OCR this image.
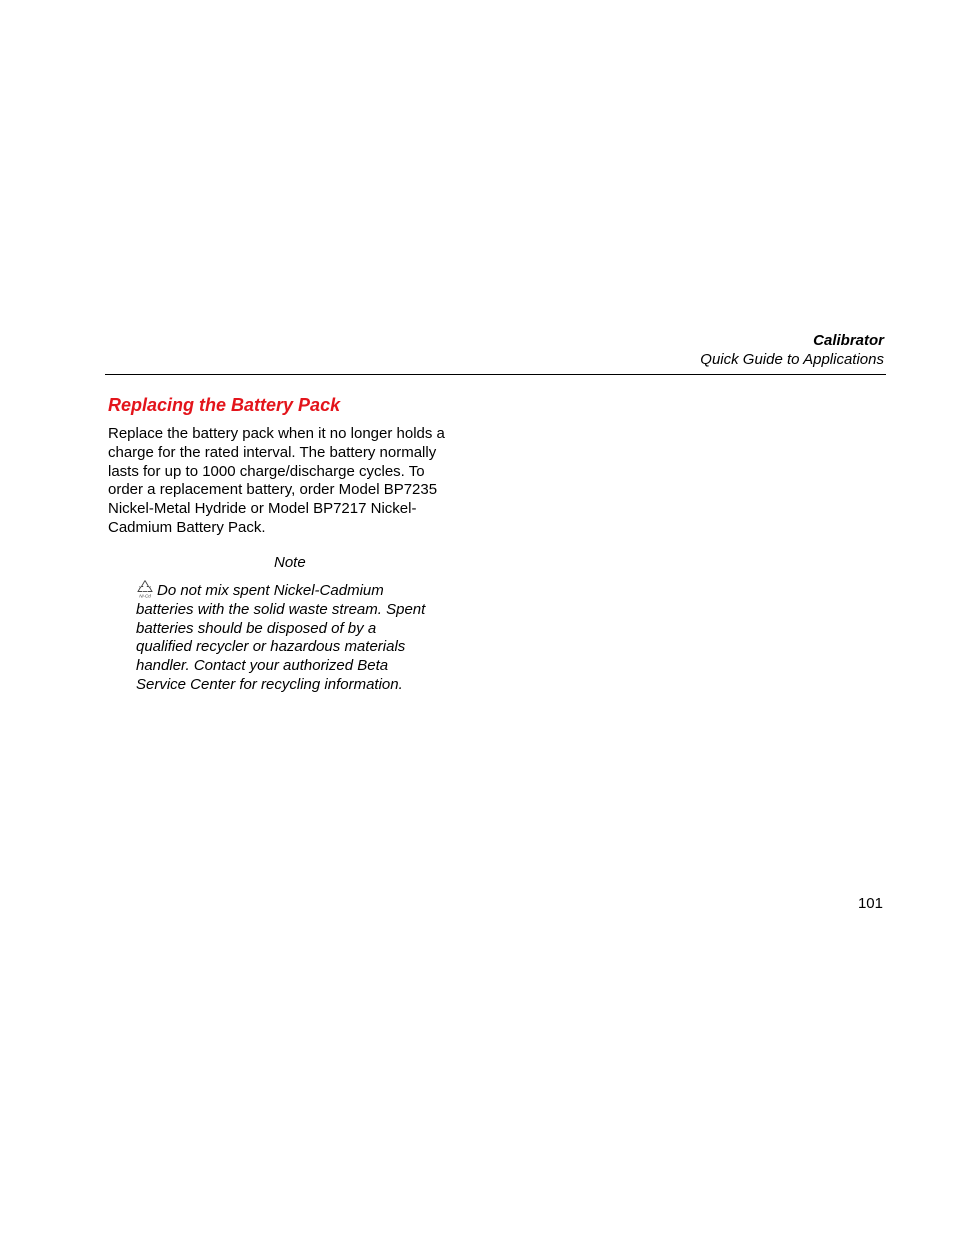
Calibrator
Quick Guide to Applications
Replacing the Battery Pack

Replace the battery pack when it no longer holds a
charge for the rated interval. The battery normally
lasts for up to 1000 charge/discharge cycles. To
order a replacement battery, order Model BP7235
Nickel-Metal Hydride or Model BP7217 Nickel-
Cadmium Battery Pack.

Note

Ni-Cd Do not mix spent Nickel-Cadmium
batteries with the solid waste stream. Spent
batteries should be disposed of by a
qualified recycler or hazardous materials
handler. Contact your authorized Beta
Service Center for recycling information.

101
